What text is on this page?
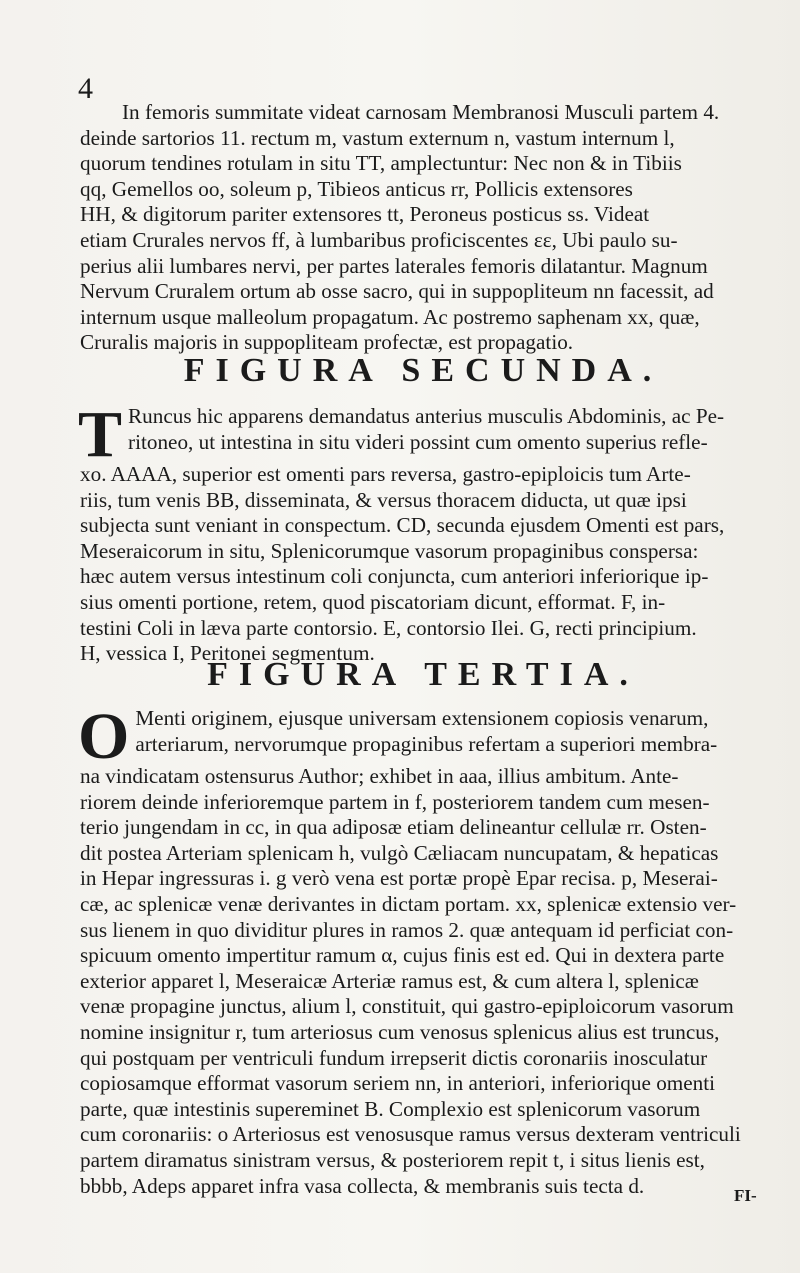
4
In femoris summitate videat carnosam Membranosi Musculi partem 4.
deinde sartorios 11. rectum m, vastum externum n, vastum internum l,
quorum tendines rotulam in situ TT, amplectuntur: Nec non & in Tibiis
qq, Gemellos oo, soleum p, Tibieos anticus rr, Pollicis extensores
HH, & digitorum pariter extensores tt, Peroneus posticus ss. Videat
etiam Crurales nervos ff, à lumbaribus proficiscentes εε, Ubi paulo su-
perius alii lumbares nervi, per partes laterales femoris dilatantur. Magnum
Nervum Cruralem ortum ab osse sacro, qui in suppopliteum nn facessit, ad
internum usque malleolum propagatum. Ac postremo saphenam xx, quæ,
Cruralis majoris in suppopliteam profectæ, est propagatio.
FIGURA SECUNDA.
T Runcus hic apparens demandatus anterius musculis Abdominis, ac Pe-
ritoneo, ut intestina in situ videri possint cum omento superius refle-
xo. AAAA, superior est omenti pars reversa, gastro-epiploicis tum Arte-
riis, tum venis BB, disseminata, & versus thoracem diducta, ut quæ ipsi
subjecta sunt veniant in conspectum. CD, secunda ejusdem Omenti est pars,
Meseraicorum in situ, Splenicorumque vasorum propaginibus conspersa:
hæc autem versus intestinum coli conjuncta, cum anteriori inferiorique ip-
sius omenti portione, retem, quod piscatoriam dicunt, efformat. F, in-
testini Coli in læva parte contorsio. E, contorsio Ilei. G, recti principium.
H, vessica I, Peritonei segmentum.
FIGURA TERTIA.
O Menti originem, ejusque universam extensionem copiosis venarum,
arteriarum, nervorumque propaginibus refertam a superiori membra-
na vindicatam ostensurus Author; exhibet in aaa, illius ambitum. Ante-
riorem deinde inferioremque partem in f, posteriorem tandem cum mesen-
terio jungendam in cc, in qua adiposæ etiam delineantur cellulæ rr. Osten-
dit postea Arteriam splenicam h, vulgò Cæliacam nuncupatam, & hepaticas
in Hepar ingressuras i. g verò vena est portæ propè Epar recisa. p, Meserai-
cæ, ac splenicæ venæ derivantes in dictam portam. xx, splenicæ extensio ver-
sus lienem in quo dividitur plures in ramos 2. quæ antequam id perficiat con-
spicuum omento impertitur ramum α, cujus finis est ed. Qui in dextera parte
exterior apparet l, Meseraicæ Arteriæ ramus est, & cum altera l, splenicæ
venæ propagine junctus, alium l, constituit, qui gastro-epiploicorum vasorum
nomine insignitur r, tum arteriosus cum venosus splenicus alius est truncus,
qui postquam per ventriculi fundum irrepserit dictis coronariis inosculatur
copiosamque efformat vasorum seriem nn, in anteriori, inferiorique omenti
parte, quæ intestinis supereminet B. Complexio est splenicorum vasorum
cum coronariis: o Arteriosus est venosusque ramus versus dexteram ventriculi
partem diramatus sinistram versus, & posteriorem repit t, i situs lienis est,
bbbb, Adeps apparet infra vasa collecta, & membranis suis tecta d.	FI-
